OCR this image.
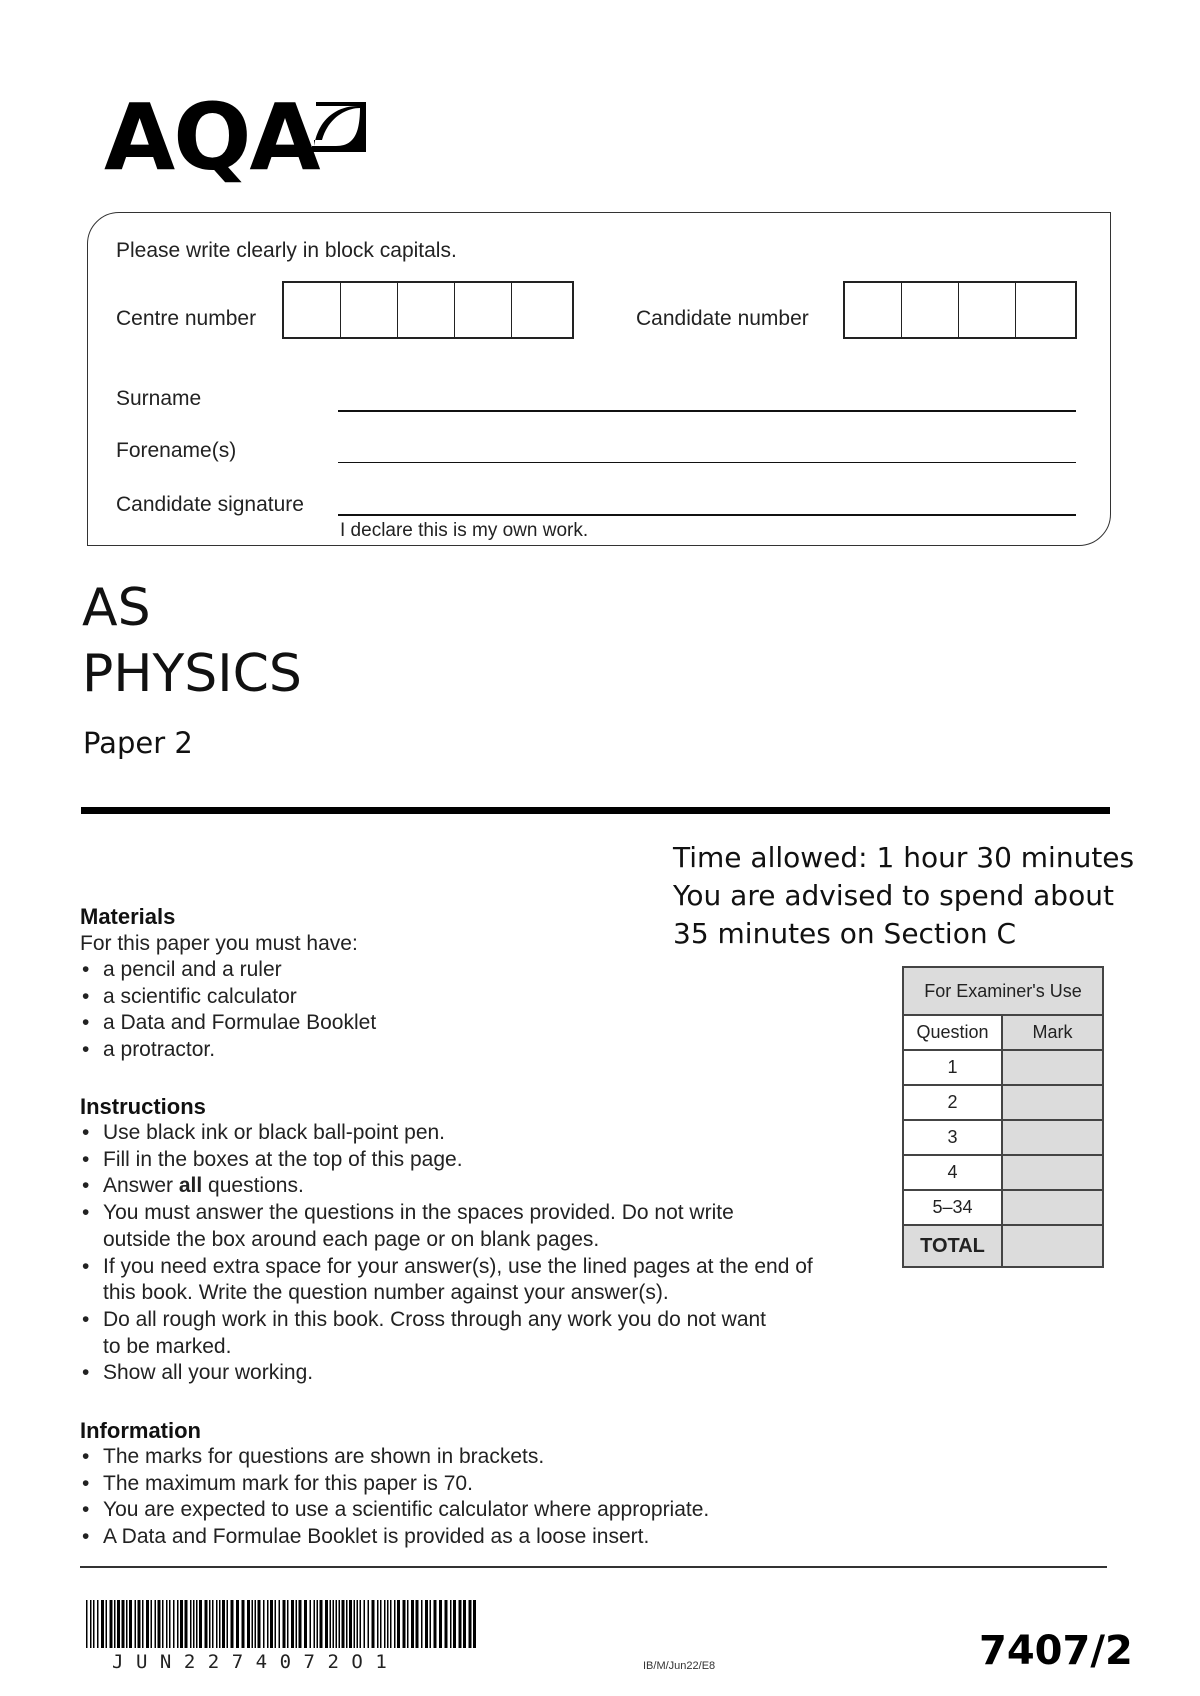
AQA
Please write clearly in block capitals.
Centre number	Candidate number
Surname
Forename(s)
Candidate signature
I declare this is my own work.
AS
PHYSICS
Paper 2
Time allowed: 1 hour 30 minutes
You are advised to spend about
35 minutes on Section C
Materials
For this paper you must have:
• a pencil and a ruler
• a scientific calculator
• a Data and Formulae Booklet
• a protractor.
Instructions
• Use black ink or black ball-point pen.
• Fill in the boxes at the top of this page.
• Answer all questions.
• You must answer the questions in the spaces provided. Do not write
outside the box around each page or on blank pages.
• If you need extra space for your answer(s), use the lined pages at the end of
this book. Write the question number against your answer(s).
• Do all rough work in this book. Cross through any work you do not want
to be marked.
• Show all your working.
Information
• The marks for questions are shown in brackets.
• The maximum mark for this paper is 70.
• You are expected to use a scientific calculator where appropriate.
• A Data and Formulae Booklet is provided as a loose insert.
For Examiner's Use	
Question	Mark
1	
2	
3	
4	
5–34	
TOTAL	
JUN2274072O1	IB/M/Jun22/E8	7407/2
